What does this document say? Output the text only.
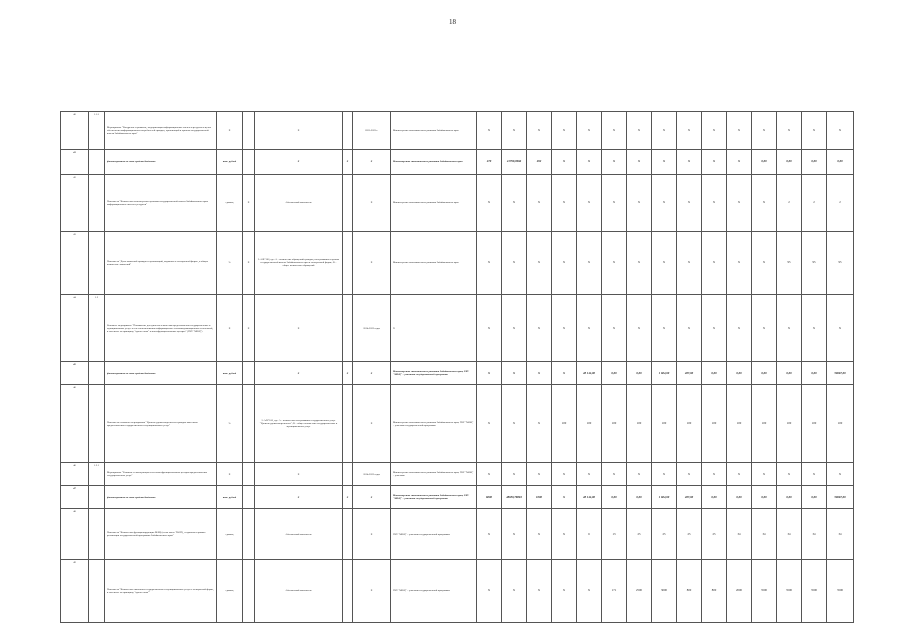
18
40	1.1.5	Мероприятие "Внедрение и развитие, модернизация информационных систем и ресурсов в целях обеспечения информационных потребностей граждан, организаций и органов государственной власти Забайкальского края"	X		X		2021-2023 г.	Министерство экономического развития Забайкальского края	X	X	X	X	X	X	X	X	X	X	X	X	X	X	X
41		финансирование за счет средств бюджета	тыс. рублей		X	X	X	Министерство экономического развития Забайкальского края	470	41799,0966	202	X	X	X	X	X	X	X	X	0,00	0,00	0,00	0,00
42		Показатель "Количество используемых органами государственной власти Забайкальского края информационных систем и ресурсов"	единиц	X	Абсолютный показатель		X	Министерство экономического развития Забайкальского края	X	X	X	X	X	X	X	X	X	X	X	X	2	2	2
43		Показатель "Доля заявлений граждан и организаций, поданных в электронной форме, в общем количестве заявлений"	%	X	I=A/B*100, где: A – количество обращений граждан, поступивших в органы государственной власти Забайкальского края в электронной форме; B – общее количество обращений		X	Министерство экономического развития Забайкальского края	X	X	X	X	X	X	X	X	X	X	X	X	95	95	95
44	1.2	Основное мероприятие "Повышение доступности и качества предоставления государственных и муниципальных услуг за счет использования информационно-телекоммуникационных технологий, в том числе по принципу "одного окна" в многофункциональных центрах" (ГКУ "МФЦ")	X	X	X		2014-2023 годы	X	X	X	X	X	X	X	X	X	X	X	X	X	X	X	X
45		финансирование за счет средств бюджета	тыс. рублей		X	X	X	Министерство экономического развития Забайкальского края; ГКУ "МФЦ" – участник государственной программы	X	X	X	X	48 144,00	0,00	0,00	1 604,00	487,00	0,00	0,00	0,00	0,00	0,00	50667,00
46		Показатель основного мероприятия "Уровень удовлетворенности граждан качеством предоставления государственных и муниципальных услуг"	%		I=A/B*100, где: A – количество поступивших государственных услуг "Уровень удовлетворенности"; B – общее количество государственных и муниципальных услуг		X	Министерство экономического развития Забайкальского края; ГКУ "МФЦ" – участник государственной программы	X	X	X	100	100	100	100	100	100	100	100	100	100	100	100
46	1.2.1	Мероприятие "Развитие и эксплуатация сети многофункциональных центров предоставления государственных услуг"	X		X		2014-2023 годы	Министерство экономического развития Забайкальского края; ГКУ "МФЦ" – участник	X	X	X	X	X	X	X	X	X	X	X	X	X	X	X
47		финансирование за счет средств бюджета	тыс. рублей		X	X	X	Министерство экономического развития Забайкальского края; ГКУ "МФЦ" – участник государственной программы	6000	48650,78863	1000	X	48 144,00	0,00	0,00	1 604,00	487,00	0,00	0,00	0,00	0,00	0,00	50667,00
48		Показатель "Количество функционирующих МФЦ (в том числе ТОСП), созданных в рамках реализации государственной программы Забайкальского края"	единиц		Абсолютный показатель		X	ГКУ "МФЦ" – участник государственной программы	X	X	X	X	6	13	25	25	25	25	34	34	34	34	34
49		Показатель "Количество оказанных государственных и муниципальных услуг в электронной форме, в том числе по принципу "одного окна""	единиц		Абсолютный показатель		X	ГКУ "МФЦ" – участник государственной программы	X	X	X	X	X	171	2500	3000	800	800	2000	3500	3500	3500	3500
